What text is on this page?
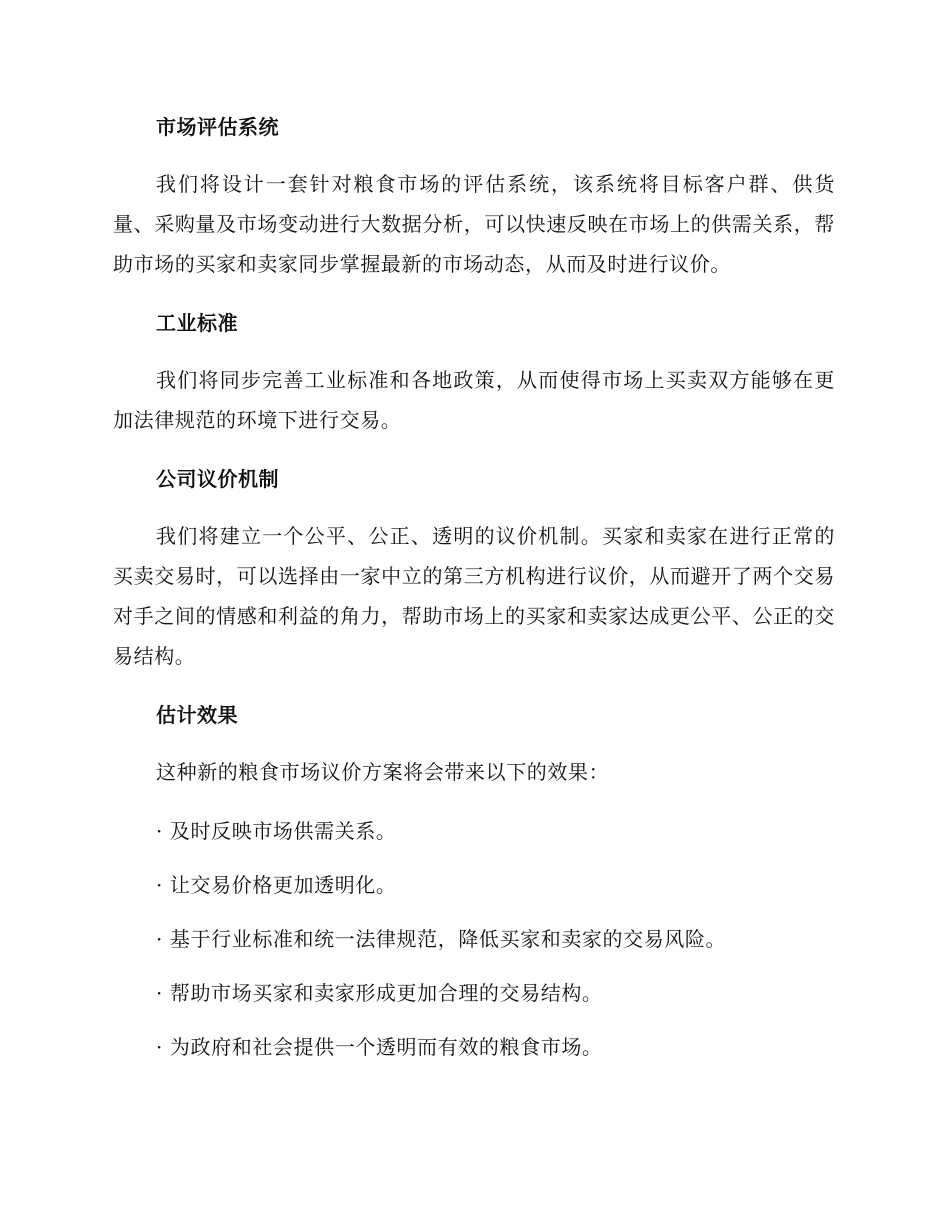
市场评估系统

我们将设计一套针对粮食市场的评估系统，该系统将目标客户群、供货量、采购量及市场变动进行大数据分析，可以快速反映在市场上的供需关系，帮助市场的买家和卖家同步掌握最新的市场动态，从而及时进行议价。

工业标准

我们将同步完善工业标准和各地政策，从而使得市场上买卖双方能够在更加法律规范的环境下进行交易。

公司议价机制

我们将建立一个公平、公正、透明的议价机制。买家和卖家在进行正常的买卖交易时，可以选择由一家中立的第三方机构进行议价，从而避开了两个交易对手之间的情感和利益的角力，帮助市场上的买家和卖家达成更公平、公正的交易结构。

估计效果

这种新的粮食市场议价方案将会带来以下的效果：

· 及时反映市场供需关系。
· 让交易价格更加透明化。
· 基于行业标准和统一法律规范，降低买家和卖家的交易风险。
· 帮助市场买家和卖家形成更加合理的交易结构。
· 为政府和社会提供一个透明而有效的粮食市场。
